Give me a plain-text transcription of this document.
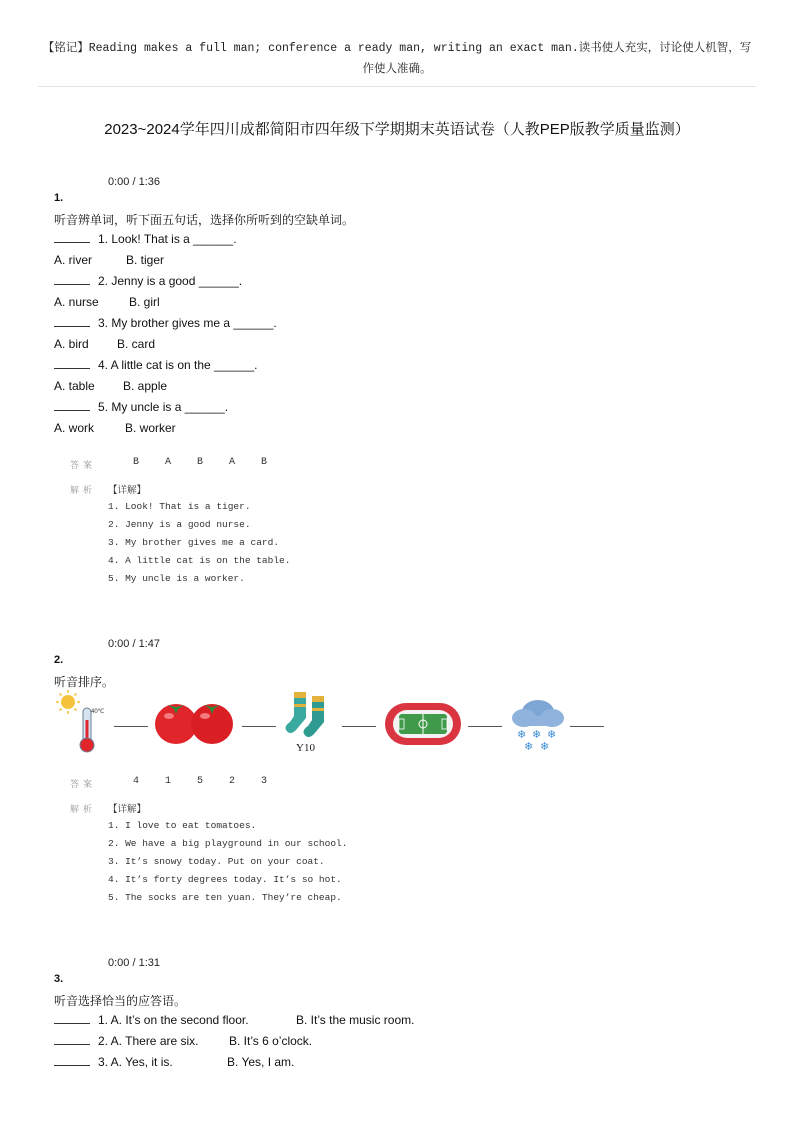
【铭记】Reading makes a full man; conference a ready man, writing an exact man.读书使人充实，讨论使人机智，写作使人准确。
2023~2024学年四川成都简阳市四年级下学期期末英语试卷（人教PEP版教学质量监测）
0:00 / 1:36
1.
听音辨单词，听下面五句话，选择你所听到的空缺单词。
1. Look! That is a ______.
A. river	B. tiger
2. Jenny is a good ______.
A. nurse	B. girl
3. My brother gives me a ______.
A. bird B. card
4. A little cat is on the ______.
A. table B. apple
5. My uncle is a ______.
A. work	B. worker
答案	B	A	B	A	B
解析 【详解】
1. Look! That is a tiger.
2. Jenny is a good nurse.
3. My brother gives me a card.
4. A little cat is on the table.
5. My uncle is a worker.
0:00 / 1:47
2.
听音排序。
40℃
Y10
❄ ❄ ❄
❄ ❄
答案	4	1	5	2	3
解析 【详解】
1. I love to eat tomatoes.
2. We have a big playground in our school.
3. It’s snowy today. Put on your coat.
4. It’s forty degrees today. It’s so hot.
5. The socks are ten yuan. They’re cheap.
0:00 / 1:31
3.
听音选择恰当的应答语。
1. A. It’s on the second floor.	B. It’s the music room.
2. A. There are six.	B. It’s 6 o’clock.
3. A. Yes, it is.	B. Yes, I am.
